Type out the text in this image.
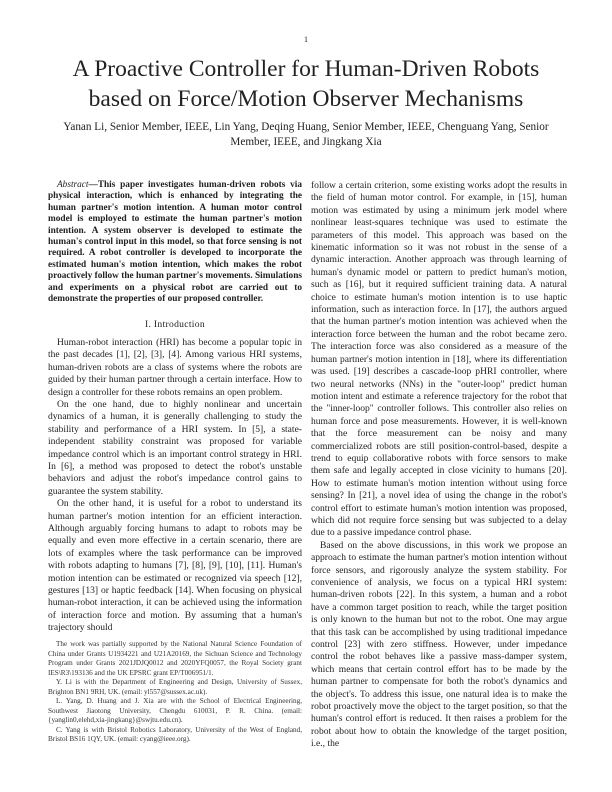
1
A Proactive Controller for Human-Driven Robots
based on Force/Motion Observer Mechanisms

Yanan Li, Senior Member, IEEE, Lin Yang, Deqing Huang, Senior Member, IEEE, Chenguang Yang, Senior
Member, IEEE, and Jingkang Xia

Abstract—This paper investigates human-driven robots via physical interaction, which is enhanced by integrating the human partner's motion intention. A human motor control model is employed to estimate the human partner's motion intention. A system observer is developed to estimate the human's control input in this model, so that force sensing is not required. A robot controller is developed to incorporate the estimated human's motion intention, which makes the robot proactively follow the human partner's movements. Simulations and experiments on a physical robot are carried out to demonstrate the properties of our proposed controller.

I. Introduction

Human-robot interaction (HRI) has become a popular topic in the past decades [1], [2], [3], [4]. Among various HRI systems, human-driven robots are a class of systems where the robots are guided by their human partner through a certain interface. How to design a controller for these robots remains an open problem.

On the one hand, due to highly nonlinear and uncertain dynamics of a human, it is generally challenging to study the stability and performance of a HRI system. In [5], a state-independent stability constraint was proposed for variable impedance control which is an important control strategy in HRI. In [6], a method was proposed to detect the robot's unstable behaviors and adjust the robot's impedance control gains to guarantee the system stability.

On the other hand, it is useful for a robot to understand its human partner's motion intention for an efficient interaction. Although arguably forcing humans to adapt to robots may be equally and even more effective in a certain scenario, there are lots of examples where the task performance can be improved with robots adapting to humans [7], [8], [9], [10], [11]. Human's motion intention can be estimated or recognized via speech [12], gestures [13] or haptic feedback [14]. When focusing on physical human-robot interaction, it can be achieved using the information of interaction force and motion. By assuming that a human's trajectory should

The work was partially supported by the National Natural Science Foundation of China under Grants U1934221 and U21A20169, the Sichuan Science and Technology Program under Grants 2021JDJQ0012 and 2020YFQ0057, the Royal Society grant IES\R3\193136 and the UK EPSRC grant EP/T006951/1.

Y. Li is with the Department of Engineering and Design, University of Sussex, Brighton BN1 9RH, UK. (email: yl557@sussex.ac.uk).

L. Yang, D. Huang and J. Xia are with the School of Electrical Engineering, Southwest Jiaotong University, Chengdu 610031, P. R. China. (email: {yanglin0,elehd,xia-jingkang}@swjtu.edu.cn).

C. Yang is with Bristol Robotics Laboratory, University of the West of England, Bristol BS16 1QY, UK. (email: cyang@ieee.org).

follow a certain criterion, some existing works adopt the results in the field of human motor control. For example, in [15], human motion was estimated by using a minimum jerk model where nonlinear least-squares technique was used to estimate the parameters of this model. This approach was based on the kinematic information so it was not robust in the sense of a dynamic interaction. Another approach was through learning of human's dynamic model or pattern to predict human's motion, such as [16], but it required sufficient training data. A natural choice to estimate human's motion intention is to use haptic information, such as interaction force. In [17], the authors argued that the human partner's motion intention was achieved when the interaction force between the human and the robot became zero. The interaction force was also considered as a measure of the human partner's motion intention in [18], where its differentiation was used. [19] describes a cascade-loop pHRI controller, where two neural networks (NNs) in the "outer-loop" predict human motion intent and estimate a reference trajectory for the robot that the "inner-loop" controller follows. This controller also relies on human force and pose measurements. However, it is well-known that the force measurement can be noisy and many commercialized robots are still position-control-based, despite a trend to equip collaborative robots with force sensors to make them safe and legally accepted in close vicinity to humans [20]. How to estimate human's motion intention without using force sensing? In [21], a novel idea of using the change in the robot's control effort to estimate human's motion intention was proposed, which did not require force sensing but was subjected to a delay due to a passive impedance control phase.

Based on the above discussions, in this work we propose an approach to estimate the human partner's motion intention without force sensors, and rigorously analyze the system stability. For convenience of analysis, we focus on a typical HRI system: human-driven robots [22]. In this system, a human and a robot have a common target position to reach, while the target position is only known to the human but not to the robot. One may argue that this task can be accomplished by using traditional impedance control [23] with zero stiffness. However, under impedance control the robot behaves like a passive mass-damper system, which means that certain control effort has to be made by the human partner to compensate for both the robot's dynamics and the object's. To address this issue, one natural idea is to make the robot proactively move the object to the target position, so that the human's control effort is reduced. It then raises a problem for the robot about how to obtain the knowledge of the target position, i.e., the
